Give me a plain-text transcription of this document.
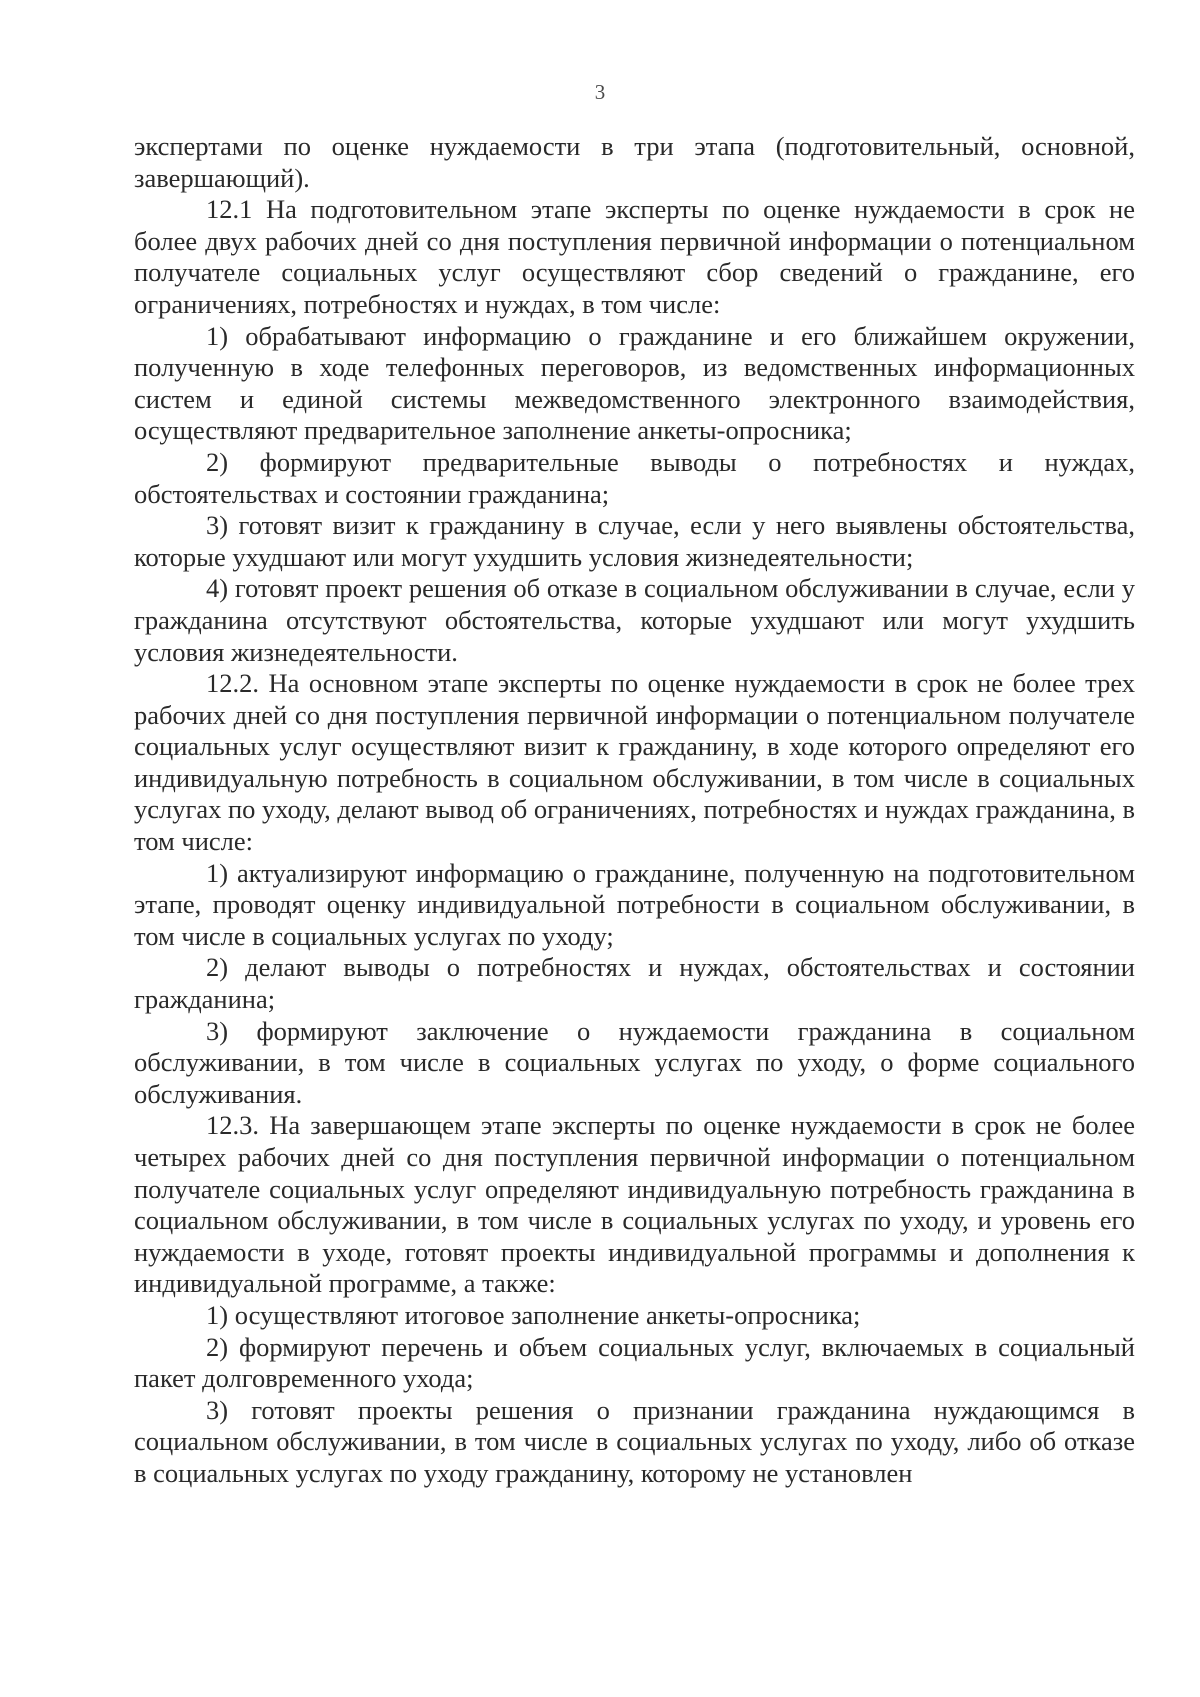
3

экспертами по оценке нуждаемости в три этапа (подготовительный, основной, завершающий).

12.1 На подготовительном этапе эксперты по оценке нуждаемости в срок не более двух рабочих дней со дня поступления первичной информации о потенциальном получателе социальных услуг осуществляют сбор сведений о гражданине, его ограничениях, потребностях и нуждах, в том числе:

1) обрабатывают информацию о гражданине и его ближайшем окружении, полученную в ходе телефонных переговоров, из ведомственных информационных систем и единой системы межведомственного электронного взаимодействия, осуществляют предварительное заполнение анкеты-опросника;

2) формируют предварительные выводы о потребностях и нуждах, обстоятельствах и состоянии гражданина;

3) готовят визит к гражданину в случае, если у него выявлены обстоятельства, которые ухудшают или могут ухудшить условия жизнедеятельности;

4) готовят проект решения об отказе в социальном обслуживании в случае, если у гражданина отсутствуют обстоятельства, которые ухудшают или могут ухудшить условия жизнедеятельности.

12.2. На основном этапе эксперты по оценке нуждаемости в срок не более трех рабочих дней со дня поступления первичной информации о потенциальном получателе социальных услуг осуществляют визит к гражданину, в ходе которого определяют его индивидуальную потребность в социальном обслуживании, в том числе в социальных услугах по уходу, делают вывод об ограничениях, потребностях и нуждах гражданина, в том числе:

1) актуализируют информацию о гражданине, полученную на подготовительном этапе, проводят оценку индивидуальной потребности в социальном обслуживании, в том числе в социальных услугах по уходу;

2) делают выводы о потребностях и нуждах, обстоятельствах и состоянии гражданина;

3) формируют заключение о нуждаемости гражданина в социальном обслуживании, в том числе в социальных услугах по уходу, о форме социального обслуживания.

12.3. На завершающем этапе эксперты по оценке нуждаемости в срок не более четырех рабочих дней со дня поступления первичной информации о потенциальном получателе социальных услуг определяют индивидуальную потребность гражданина в социальном обслуживании, в том числе в социальных услугах по уходу, и уровень его нуждаемости в уходе, готовят проекты индивидуальной программы и дополнения к индивидуальной программе, а также:

1) осуществляют итоговое заполнение анкеты-опросника;

2) формируют перечень и объем социальных услуг, включаемых в социальный пакет долговременного ухода;

3) готовят проекты решения о признании гражданина нуждающимся в социальном обслуживании, в том числе в социальных услугах по уходу, либо об отказе в социальных услугах по уходу гражданину, которому не установлен
